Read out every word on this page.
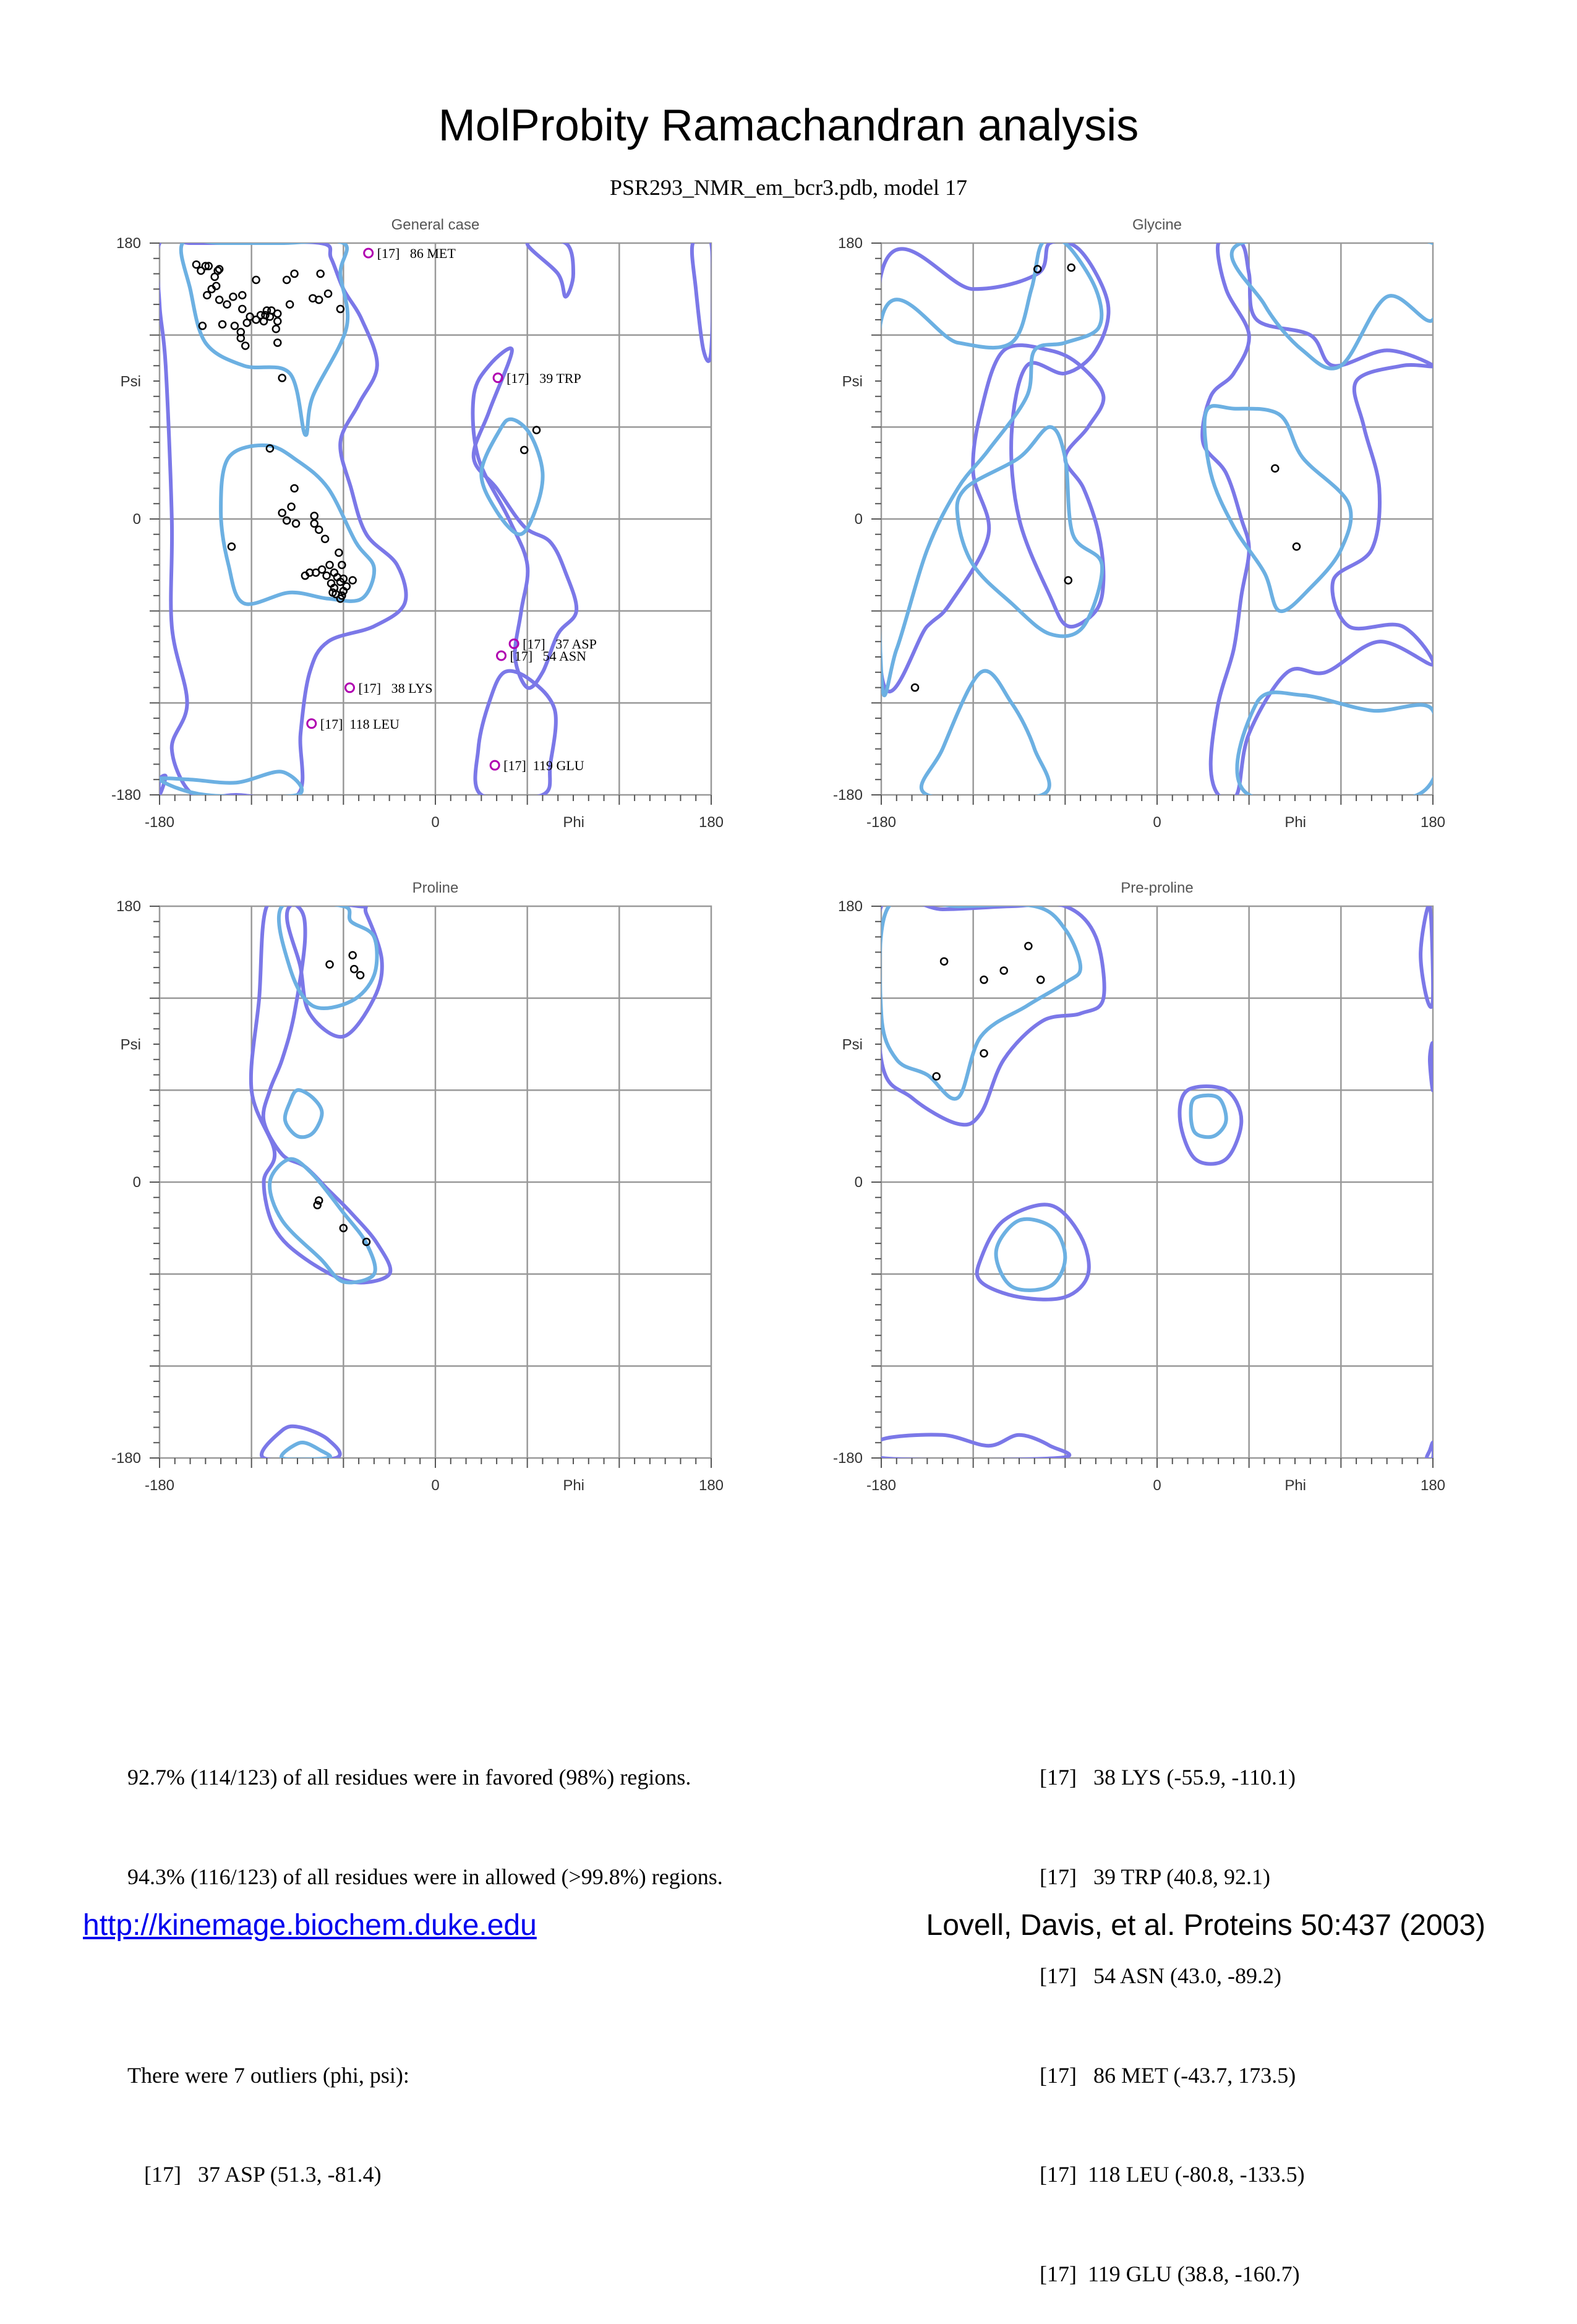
MolProbity Ramachandran analysis
PSR293_NMR_em_bcr3.pdb, model 17
General case
-180	0	180
180
0
-180
Phi
Psi
[17]   86 MET
[17]   39 TRP
[17]   37 ASP
[17]   54 ASN
[17]   38 LYS
[17]  118 LEU
[17]  119 GLU
Glycine
-180	0	180
180
0
-180
Phi
Psi
Proline
-180	0	180
180
0
-180
Phi
Psi
Pre-proline
-180	0	180
180
0
-180
Phi
Psi

92.7% (114/123) of all residues were in favored (98%) regions.

94.3% (116/123) of all residues were in allowed (>99.8%) regions.

There were 7 outliers (phi, psi):

[17]   37 ASP (51.3, -81.4)

[17]   38 LYS (-55.9, -110.1)

[17]   39 TRP (40.8, 92.1)

[17]   54 ASN (43.0, -89.2)

[17]   86 MET (-43.7, 173.5)

[17]  118 LEU (-80.8, -133.5)

[17]  119 GLU (38.8, -160.7)

http://kinemage.biochem.duke.edu	Lovell, Davis, et al. Proteins 50:437 (2003)
